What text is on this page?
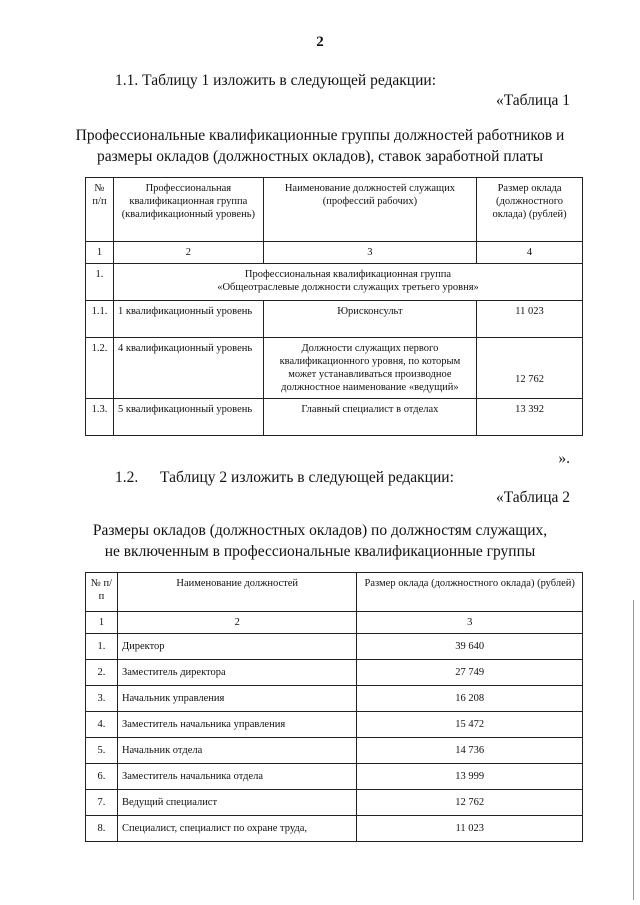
2
1.1. Таблицу 1 изложить в следующей редакции:
«Таблица 1
Профессиональные квалификационные группы должностей работников и
размеры окладов (должностных окладов), ставок заработной платы
№ п/п	Профессиональная квалификационная группа (квалификационный уровень)	Наименование должностей служащих (профессий рабочих)	Размер оклада (должностного оклада) (рублей)
1	2	3	4
1.	Профессиональная квалификационная группа
«Общеотраслевые должности служащих третьего уровня»		

1.1.	1 квалификационный уровень	Юрисконсульт	11 023
1.2.	4 квалификационный уровень	Должности служащих первого квалификационного уровня, по которым может устанавливаться производное должностное наименование «ведущий»	12 762
1.3.	5 квалификационный уровень	Главный специалист в отделах	13 392
».
1.2. Таблицу 2 изложить в следующей редакции:
«Таблица 2
Размеры окладов (должностных окладов) по должностям служащих,
не включенным в профессиональные квалификационные группы
№ п/п	Наименование должностей	Размер оклада (должностного оклада) (рублей)
1	2	3
1.	Директор	39 640
2.	Заместитель директора	27 749
3.	Начальник управления	16 208
4.	Заместитель начальника управления	15 472
5.	Начальник отдела	14 736
6.	Заместитель начальника отдела	13 999
7.	Ведущий специалист	12 762
8.	Специалист, специалист по охране труда,	11 023
